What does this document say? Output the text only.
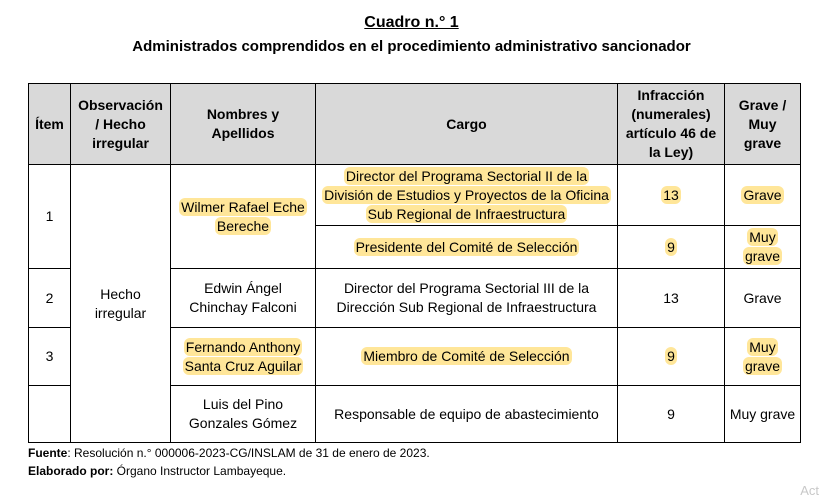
Cuadro n.° 1
Administrados comprendidos en el procedimiento administrativo sancionador
Ítem	Observación / Hecho irregular	Nombres y Apellidos	Cargo	Infracción (numerales) artículo 46 de la Ley)	Grave / Muy grave
1	Hecho irregular	Wilmer Rafael Eche Bereche	Director del Programa Sectorial II de la División de Estudios y Proyectos de la Oficina Sub Regional de Infraestructura	13	Grave
			Presidente del Comité de Selección	9	Muy grave
2		Edwin Ángel Chinchay Falconi	Director del Programa Sectorial III de la Dirección Sub Regional de Infraestructura	13	Grave
3		Fernando Anthony Santa Cruz Aguilar	Miembro de Comité de Selección	9	Muy grave
		Luis del Pino Gonzales Gómez	Responsable de equipo de abastecimiento	9	Muy grave
Fuente: Resolución n.° 000006-2023-CG/INSLAM de 31 de enero de 2023.
Elaborado por: Órgano Instructor Lambayeque.
Act
